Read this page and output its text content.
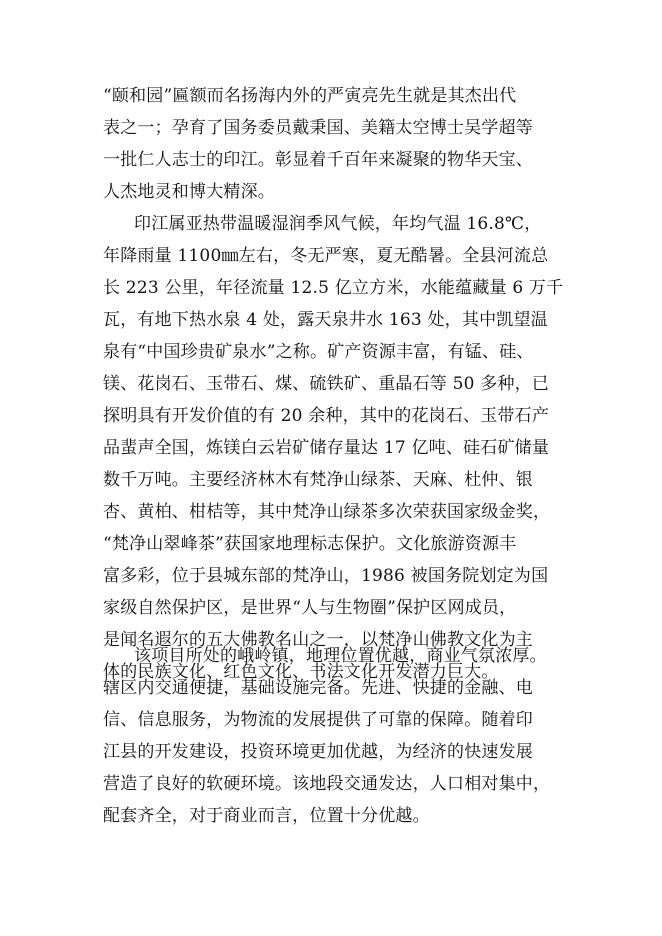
“颐和园”匾额而名扬海内外的严寅亮先生就是其杰出代
表之一；孕育了国务委员戴秉国、美籍太空博士吴学超等
一批仁人志士的印江。彰显着千百年来凝聚的物华天宝、
人杰地灵和博大精深。
印江属亚热带温暖湿润季风气候，年均气温 16.8℃，
年降雨量 1100㎜左右，冬无严寒，夏无酷暑。全县河流总
长 223 公里，年径流量 12.5 亿立方米，水能蕴藏量 6 万千
瓦，有地下热水泉 4 处，露天泉井水 163 处，其中凯望温
泉有“中国珍贵矿泉水”之称。矿产资源丰富，有锰、硅、
镁、花岗石、玉带石、煤、硫铁矿、重晶石等 50 多种，已
探明具有开发价值的有 20 余种，其中的花岗石、玉带石产
品蜚声全国，炼镁白云岩矿储存量达 17 亿吨、硅石矿储量
数千万吨。主要经济林木有梵净山绿茶、天麻、杜仲、银
杏、黄柏、柑桔等，其中梵净山绿茶多次荣获国家级金奖，
“梵净山翠峰茶”获国家地理标志保护。文化旅游资源丰
富多彩，位于县城东部的梵净山，1986 被国务院划定为国
家级自然保护区，是世界“人与生物圈”保护区网成员，
是闻名遐尔的五大佛教名山之一，以梵净山佛教文化为主
体的民族文化、红色文化、书法文化开发潜力巨大。
该项目所处的峨岭镇，地理位置优越，商业气氛浓厚。
辖区内交通便捷，基础设施完备。先进、快捷的金融、电
信、信息服务，为物流的发展提供了可靠的保障。随着印
江县的开发建设，投资环境更加优越，为经济的快速发展
营造了良好的软硬环境。该地段交通发达，人口相对集中，
配套齐全，对于商业而言，位置十分优越。
